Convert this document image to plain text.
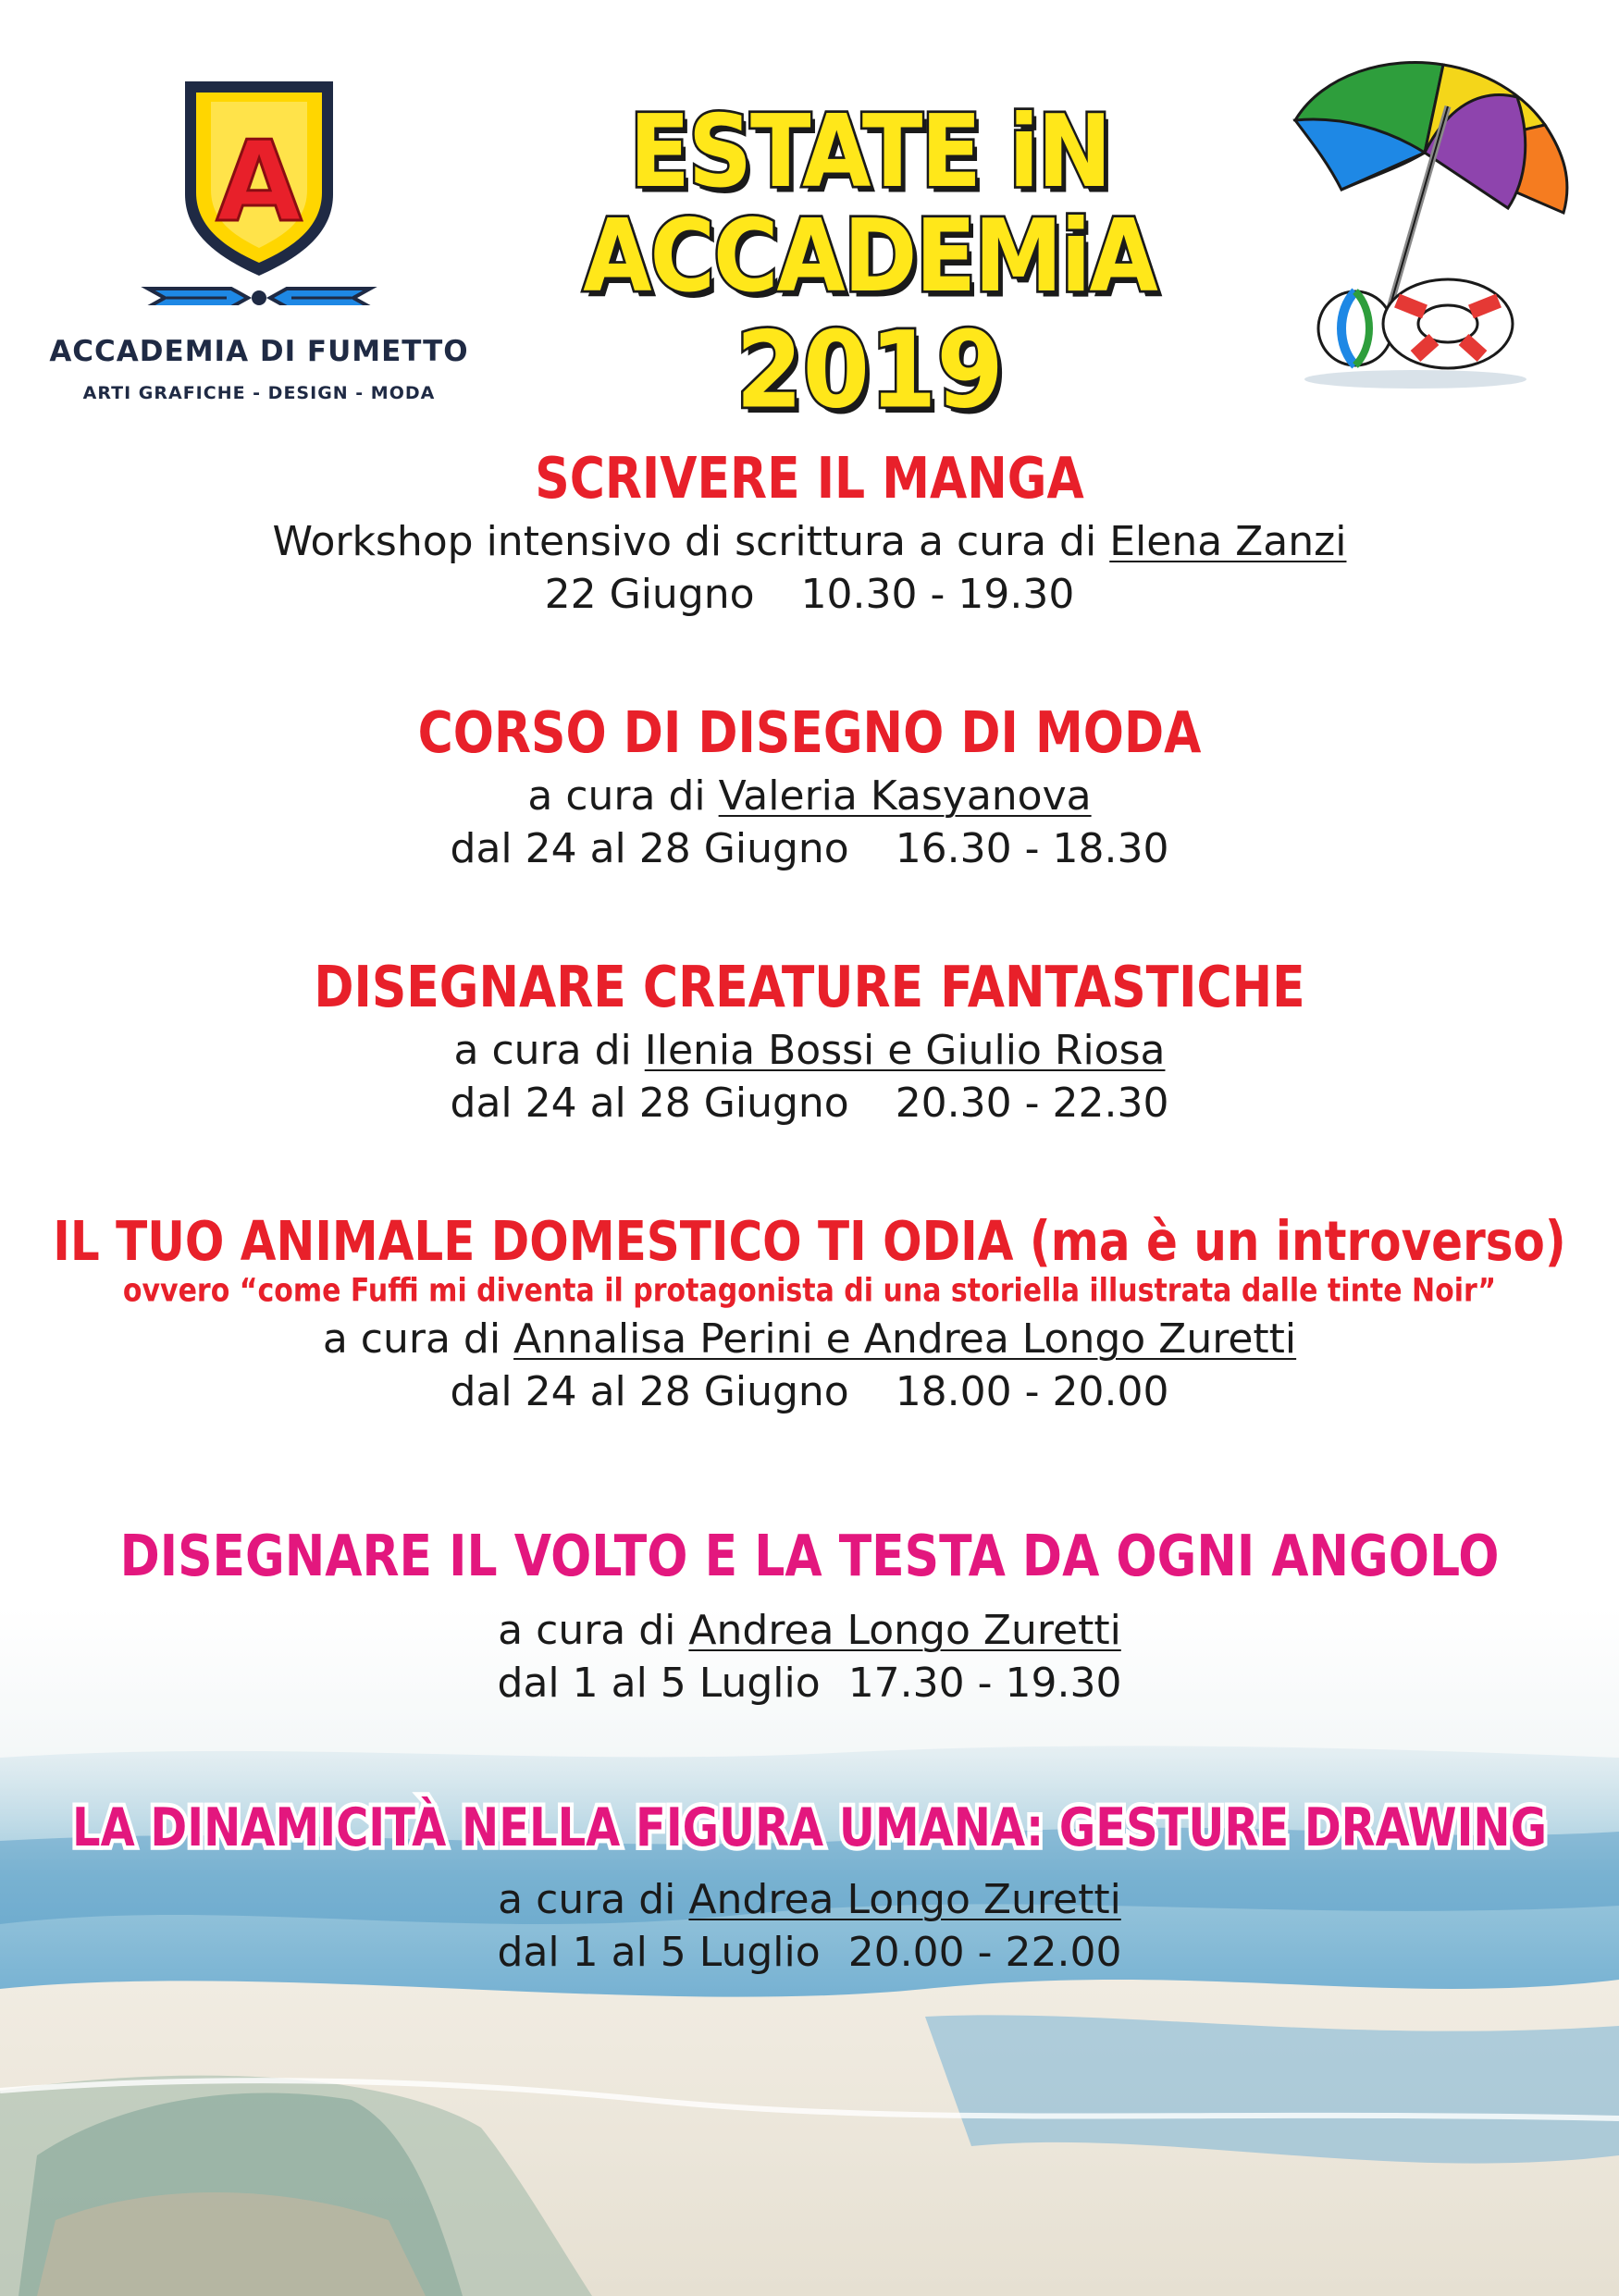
A
ACCADEMIA DI FUMETTO
ARTI GRAFICHE - DESIGN - MODA
ESTATE iN ACCADEMiA
2019
SCRIVERE IL MANGA
Workshop intensivo di scrittura a cura di Elena Zanzi
22 Giugno 10.30 - 19.30
CORSO DI DISEGNO DI MODA
a cura di Valeria Kasyanova
dal 24 al 28 Giugno 16.30 - 18.30
DISEGNARE CREATURE FANTASTICHE
a cura di Ilenia Bossi e Giulio Riosa
dal 24 al 28 Giugno 20.30 - 22.30
IL TUO ANIMALE DOMESTICO TI ODIA (ma è un introverso)
ovvero “come Fuffi mi diventa il protagonista di una storiella illustrata dalle tinte Noir”
a cura di Annalisa Perini e Andrea Longo Zuretti
dal 24 al 28 Giugno 18.00 - 20.00
DISEGNARE IL VOLTO E LA TESTA DA OGNI ANGOLO
a cura di Andrea Longo Zuretti
dal 1 al 5 Luglio 17.30 - 19.30
LA DINAMICITÀ NELLA FIGURA UMANA: GESTURE DRAWING
a cura di Andrea Longo Zuretti
dal 1 al 5 Luglio 20.00 - 22.00
